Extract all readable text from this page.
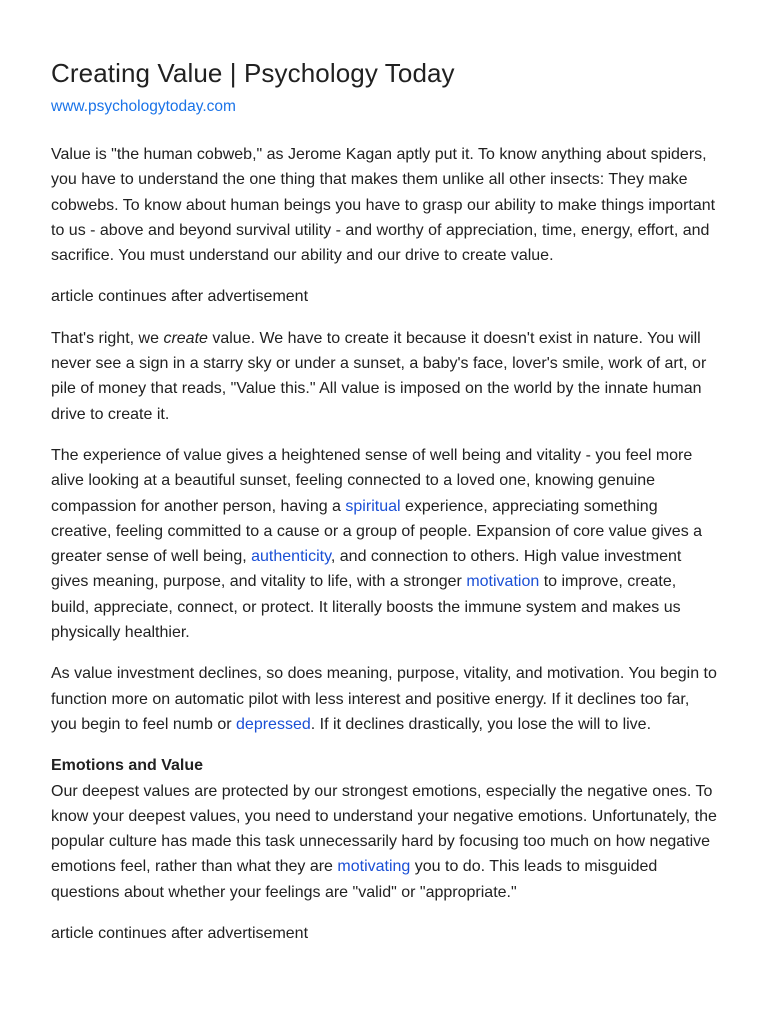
Creating Value | Psychology Today
www.psychologytoday.com

Value is "the human cobweb," as Jerome Kagan aptly put it. To know anything about spiders, you have to understand the one thing that makes them unlike all other insects: They make cobwebs. To know about human beings you have to grasp our ability to make things important to us - above and beyond survival utility - and worthy of appreciation, time, energy, effort, and sacrifice. You must understand our ability and our drive to create value.

article continues after advertisement

That's right, we create value. We have to create it because it doesn't exist in nature. You will never see a sign in a starry sky or under a sunset, a baby's face, lover's smile, work of art, or pile of money that reads, "Value this." All value is imposed on the world by the innate human drive to create it.

The experience of value gives a heightened sense of well being and vitality - you feel more alive looking at a beautiful sunset, feeling connected to a loved one, knowing genuine compassion for another person, having a spiritual experience, appreciating something creative, feeling committed to a cause or a group of people. Expansion of core value gives a greater sense of well being, authenticity, and connection to others. High value investment gives meaning, purpose, and vitality to life, with a stronger motivation to improve, create, build, appreciate, connect, or protect. It literally boosts the immune system and makes us physically healthier.

As value investment declines, so does meaning, purpose, vitality, and motivation. You begin to function more on automatic pilot with less interest and positive energy. If it declines too far, you begin to feel numb or depressed. If it declines drastically, you lose the will to live.

Emotions and Value
Our deepest values are protected by our strongest emotions, especially the negative ones. To know your deepest values, you need to understand your negative emotions. Unfortunately, the popular culture has made this task unnecessarily hard by focusing too much on how negative emotions feel, rather than what they are motivating you to do. This leads to misguided questions about whether your feelings are "valid" or "appropriate."

article continues after advertisement
